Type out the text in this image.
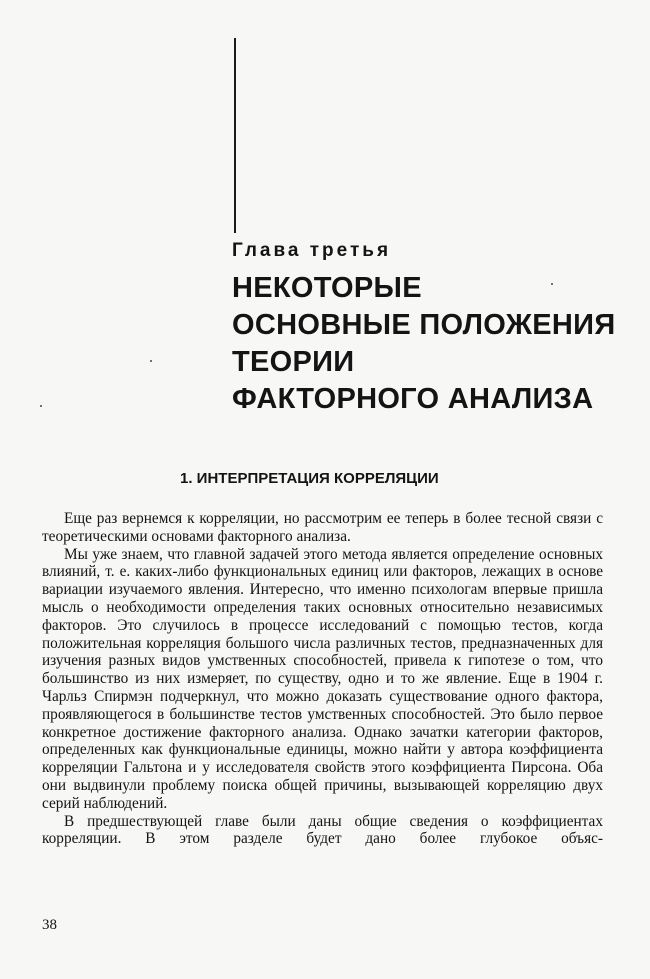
Глава третья
НЕКОТОРЫЕ
ОСНОВНЫЕ ПОЛОЖЕНИЯ
ТЕОРИИ
ФАКТОРНОГО АНАЛИЗА
1. ИНТЕРПРЕТАЦИЯ КОРРЕЛЯЦИИ

Еще раз вернемся к корреляции, но рассмотрим ее теперь в более тесной связи с теоретическими основами факторного анализа.

Мы уже знаем, что главной задачей этого метода является определение основных влияний, т. е. каких-либо функциональных единиц или факторов, лежащих в основе вариации изучаемого явления. Интересно, что именно психологам впервые пришла мысль о необходимости определения таких основных относительно независимых факторов. Это случилось в процессе исследований с помощью тестов, когда положительная корреляция большого числа различных тестов, предназначенных для изучения разных видов умственных способностей, привела к гипотезе о том, что большинство из них измеряет, по существу, одно и то же явление. Еще в 1904 г. Чарльз Спирмэн подчеркнул, что можно доказать существование одного фактора, проявляющегося в большинстве тестов умственных способностей. Это было первое конкретное достижение факторного анализа. Однако зачатки категории факторов, определенных как функциональные единицы, можно найти у автора коэффициента корреляции Гальтона и у исследователя свойств этого коэффициента Пирсона. Оба они выдвинули проблему поиска общей причины, вызывающей корреляцию двух серий наблюдений.

В предшествующей главе были даны общие сведения о коэффициентах корреляции. В этом разделе будет дано более глубокое объяс-

38
